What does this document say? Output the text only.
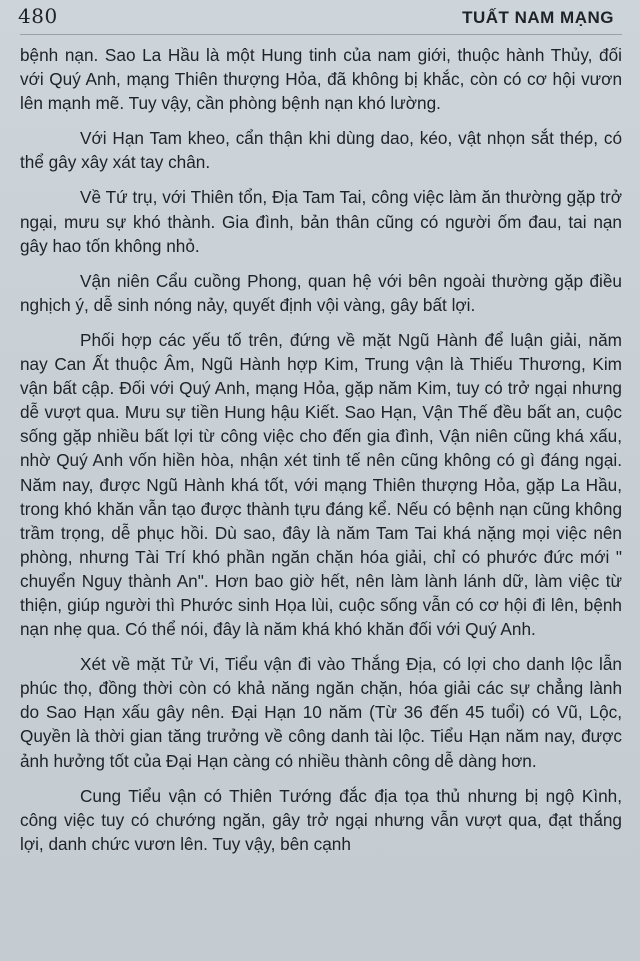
480	TUẤT NAM MẠNG

bệnh nạn. Sao La Hầu là một Hung tinh của nam giới, thuộc hành Thủy, đối với Quý Anh, mạng Thiên thượng Hỏa, đã không bị khắc, còn có cơ hội vươn lên mạnh mẽ. Tuy vậy, cần phòng bệnh nạn khó lường.

Với Hạn Tam kheo, cẩn thận khi dùng dao, kéo, vật nhọn sắt thép, có thể gây xây xát tay chân.

Về Tứ trụ, với Thiên tổn, Địa Tam Tai, công việc làm ăn thường gặp trở ngại, mưu sự khó thành. Gia đình, bản thân cũng có người ốm đau, tai nạn gây hao tốn không nhỏ.

Vận niên Cẩu cuồng Phong, quan hệ với bên ngoài thường gặp điều nghịch ý, dễ sinh nóng nảy, quyết định vội vàng, gây bất lợi.

Phối hợp các yếu tố trên, đứng về mặt Ngũ Hành để luận giải, năm nay Can Ất thuộc Âm, Ngũ Hành hợp Kim, Trung vận là Thiếu Thương, Kim vận bất cập. Đối với Quý Anh, mạng Hỏa, gặp năm Kim, tuy có trở ngại nhưng dễ vượt qua. Mưu sự tiền Hung hậu Kiết. Sao Hạn, Vận Thế đều bất an, cuộc sống gặp nhiều bất lợi từ công việc cho đến gia đình, Vận niên cũng khá xấu, nhờ Quý Anh vốn hiền hòa, nhận xét tinh tế nên cũng không có gì đáng ngại. Năm nay, được Ngũ Hành khá tốt, với mạng Thiên thượng Hỏa, gặp La Hầu, trong khó khăn vẫn tạo được thành tựu đáng kể. Nếu có bệnh nạn cũng không trầm trọng, dễ phục hồi. Dù sao, đây là năm Tam Tai khá nặng mọi việc nên phòng, nhưng Tài Trí khó phần ngăn chặn hóa giải, chỉ có phước đức mới " chuyển Nguy thành An". Hơn bao giờ hết, nên làm lành lánh dữ, làm việc từ thiện, giúp người thì Phước sinh Họa lùi, cuộc sống vẫn có cơ hội đi lên, bệnh nạn nhẹ qua. Có thể nói, đây là năm khá khó khăn đối với Quý Anh.

Xét về mặt Tử Vi, Tiểu vận đi vào Thắng Địa, có lợi cho danh lộc lẫn phúc thọ, đồng thời còn có khả năng ngăn chặn, hóa giải các sự chẳng lành do Sao Hạn xấu gây nên. Đại Hạn 10 năm (Từ 36 đến 45 tuổi) có Vũ, Lộc, Quyền là thời gian tăng trưởng về công danh tài lộc. Tiểu Hạn năm nay, được ảnh hưởng tốt của Đại Hạn càng có nhiều thành công dễ dàng hơn.

Cung Tiểu vận có Thiên Tướng đắc địa tọa thủ nhưng bị ngộ Kình, công việc tuy có chướng ngăn, gây trở ngại nhưng vẫn vượt qua, đạt thắng lợi, danh chức vươn lên. Tuy vậy, bên cạnh
